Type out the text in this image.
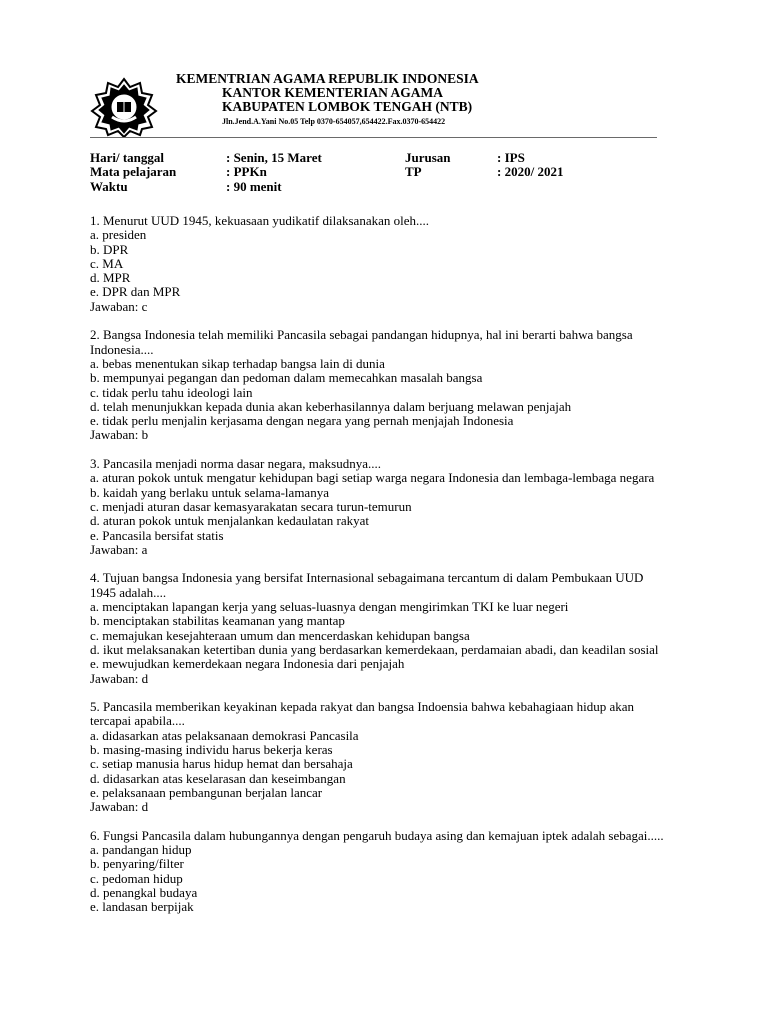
KEMENTRIAN AGAMA REPUBLIK INDONESIA
KANTOR KEMENTERIAN AGAMA
KABUPATEN LOMBOK TENGAH (NTB)
Jln.Jend.A.Yani No.05 Telp 0370-654057,654422.Fax.0370-654422
Hari/ tanggal
Mata pelajaran
Waktu
: Senin, 15 Maret
: PPKn
: 90 menit
Jurusan
TP
: IPS
: 2020/ 2021

1. Menurut UUD 1945, kekuasaan yudikatif dilaksanakan oleh....

a. presiden

b. DPR

c. MA

d. MPR

e. DPR dan MPR

Jawaban: c

2. Bangsa Indonesia telah memiliki Pancasila sebagai pandangan hidupnya, hal ini berarti bahwa bangsa Indonesia....

a. bebas menentukan sikap terhadap bangsa lain di dunia

b. mempunyai pegangan dan pedoman dalam memecahkan masalah bangsa

c. tidak perlu tahu ideologi lain

d. telah menunjukkan kepada dunia akan keberhasilannya dalam berjuang melawan penjajah

e. tidak perlu menjalin kerjasama dengan negara yang pernah menjajah Indonesia

Jawaban: b

3. Pancasila menjadi norma dasar negara, maksudnya....

a. aturan pokok untuk mengatur kehidupan bagi setiap warga negara Indonesia dan lembaga-lembaga negara

b. kaidah yang berlaku untuk selama-lamanya

c. menjadi aturan dasar kemasyarakatan secara turun-temurun

d. aturan pokok untuk menjalankan kedaulatan rakyat

e. Pancasila bersifat statis

Jawaban: a

4. Tujuan bangsa Indonesia yang bersifat Internasional sebagaimana tercantum di dalam Pembukaan UUD 1945 adalah....

a. menciptakan lapangan kerja yang seluas-luasnya dengan mengirimkan TKI ke luar negeri

b. menciptakan stabilitas keamanan yang mantap

c. memajukan kesejahteraan umum dan mencerdaskan kehidupan bangsa

d. ikut melaksanakan ketertiban dunia yang berdasarkan kemerdekaan, perdamaian abadi, dan keadilan sosial

e. mewujudkan kemerdekaan negara Indonesia dari penjajah

Jawaban: d

5. Pancasila memberikan keyakinan kepada rakyat dan bangsa Indoensia bahwa kebahagiaan hidup akan tercapai apabila....

a. didasarkan atas pelaksanaan demokrasi Pancasila

b. masing-masing individu harus bekerja keras

c. setiap manusia harus hidup hemat dan bersahaja

d. didasarkan atas keselarasan dan keseimbangan

e. pelaksanaan pembangunan berjalan lancar

Jawaban: d

6. Fungsi Pancasila dalam hubungannya dengan pengaruh budaya asing dan kemajuan iptek adalah sebagai.....

a. pandangan hidup

b. penyaring/filter

c. pedoman hidup

d. penangkal budaya

e. landasan berpijak
